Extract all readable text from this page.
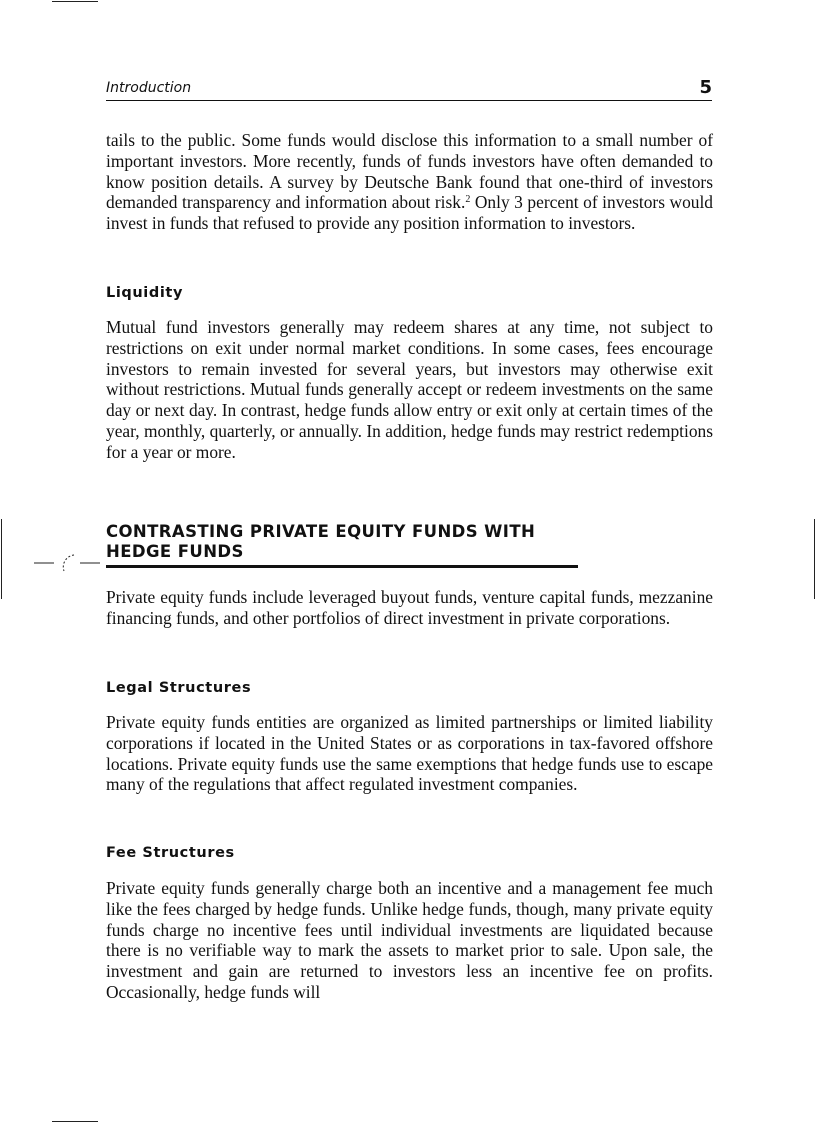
Introduction	5

tails to the public. Some funds would disclose this information to a small number of important investors. More recently, funds of funds investors have often demanded to know position details. A survey by Deutsche Bank found that one-third of investors demanded transparency and information about risk.$^2$ Only 3 percent of investors would invest in funds that refused to provide any position information to investors.

Liquidity

Mutual fund investors generally may redeem shares at any time, not subject to restrictions on exit under normal market conditions. In some cases, fees encourage investors to remain invested for several years, but investors may otherwise exit without restrictions. Mutual funds generally accept or redeem investments on the same day or next day. In contrast, hedge funds allow entry or exit only at certain times of the year, monthly, quarterly, or annually. In addition, hedge funds may restrict redemptions for a year or more.

CONTRASTING PRIVATE EQUITY FUNDS WITH
HEDGE FUNDS

Private equity funds include leveraged buyout funds, venture capital funds, mezzanine financing funds, and other portfolios of direct investment in private corporations.

Legal Structures

Private equity funds entities are organized as limited partnerships or limited liability corporations if located in the United States or as corporations in tax-favored offshore locations. Private equity funds use the same exemptions that hedge funds use to escape many of the regulations that affect regulated investment companies.

Fee Structures

Private equity funds generally charge both an incentive and a management fee much like the fees charged by hedge funds. Unlike hedge funds, though, many private equity funds charge no incentive fees until individual investments are liquidated because there is no verifiable way to mark the assets to market prior to sale. Upon sale, the investment and gain are returned to investors less an incentive fee on profits. Occasionally, hedge funds will
